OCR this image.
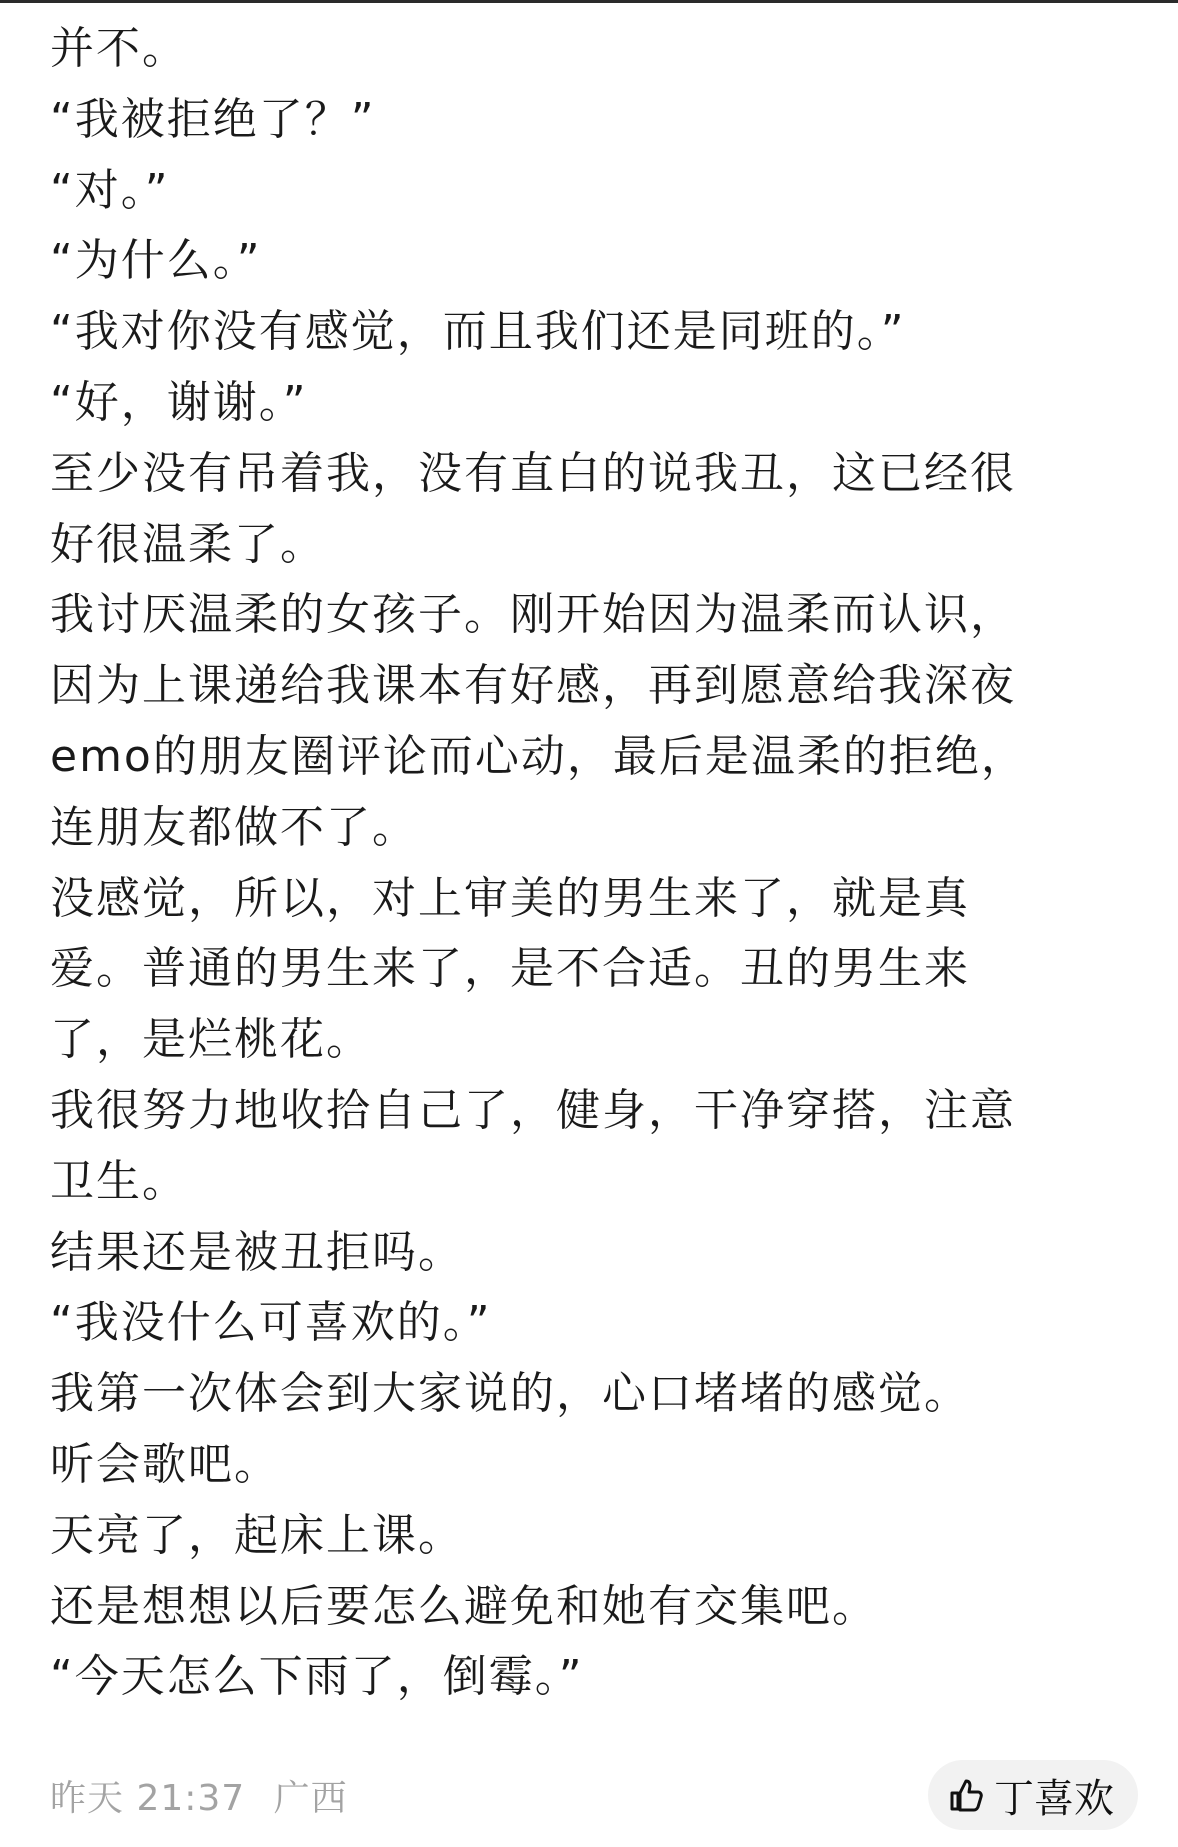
并不。
“我被拒绝了？”
“对。”
“为什么。”
“我对你没有感觉，而且我们还是同班的。”
“好，谢谢。”
至少没有吊着我，没有直白的说我丑，这已经很
好很温柔了。
我讨厌温柔的女孩子。刚开始因为温柔而认识，
因为上课递给我课本有好感，再到愿意给我深夜
emo的朋友圈评论而心动，最后是温柔的拒绝，
连朋友都做不了。
没感觉，所以，对上审美的男生来了，就是真
爱。普通的男生来了，是不合适。丑的男生来
了，是烂桃花。
我很努力地收拾自己了，健身，干净穿搭，注意
卫生。
结果还是被丑拒吗。
“我没什么可喜欢的。”
我第一次体会到大家说的，心口堵堵的感觉。
听会歌吧。
天亮了，起床上课。
还是想想以后要怎么避免和她有交集吧。
“今天怎么下雨了，倒霉。”
昨天 21:37 广西	丁喜欢
